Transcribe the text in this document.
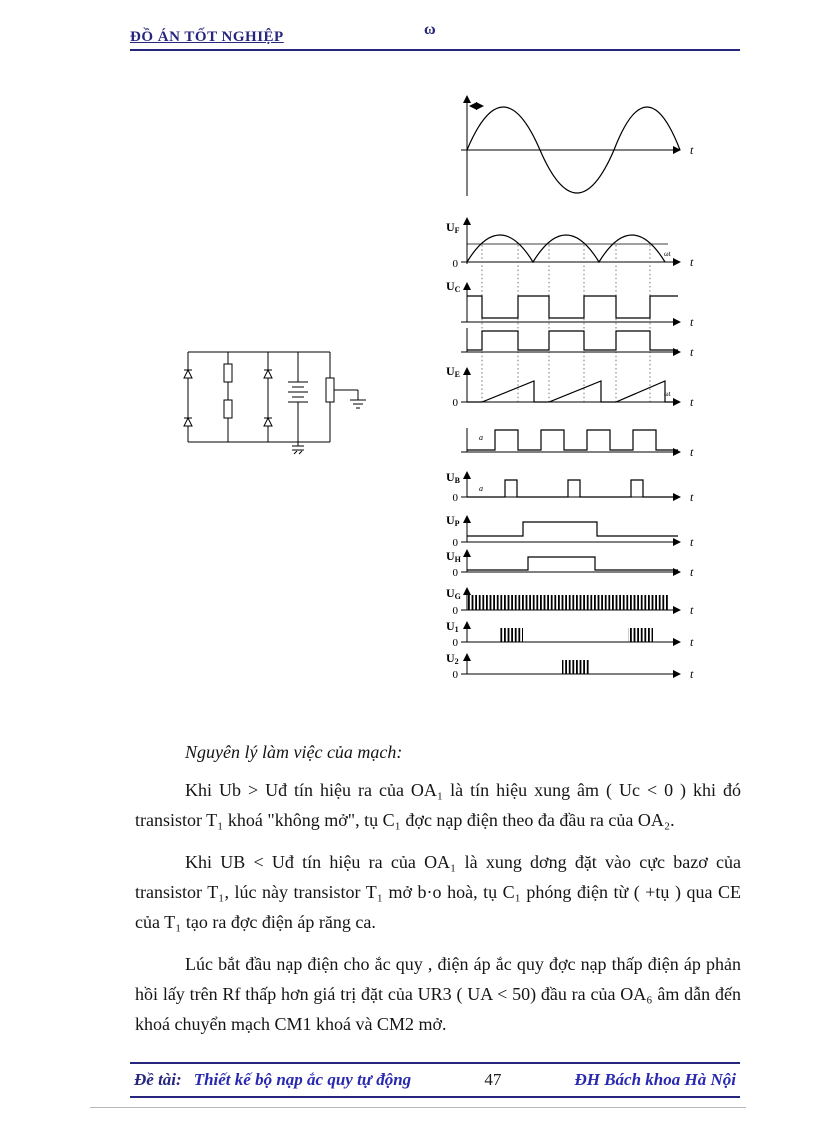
ĐỒ ÁN TỐT NGHIỆP	ω
t
UF
0
ωt
t
UC
t
t
UE
0
ωt
t
a
t
UB
a
0	t
UP
0	t
UH
0	t
UG
0	t
U1
0	t
U2
0	t

Nguyên lý làm việc của mạch:

Khi Ub > Uđ tín hiệu ra của OA₁ là tín hiệu xung âm ( Uc < 0 ) khi đó transistor T₁ khoá "không mở", tụ C₁ đợc nạp điện theo đa đầu ra của OA₂.

Khi UB < Uđ tín hiệu ra của OA₁ là xung dơng đặt vào cực bazơ của transistor T₁, lúc này transistor T₁ mở b·o hoà, tụ C₁ phóng điện từ ( +tụ ) qua CE của T₁ tạo ra đợc điện áp răng ca.

Lúc bắt đầu nạp điện cho ắc quy , điện áp ắc quy đợc nạp thấp điện áp phản hồi lấy trên Rf thấp hơn giá trị đặt của UR3 ( UA < 50) đầu ra của OA₆ âm dẫn đến khoá chuyển mạch CM1 khoá và CM2 mở.

Đề tài: Thiết kế bộ nạp ắc quy tự động	47	ĐH Bách khoa Hà Nội
